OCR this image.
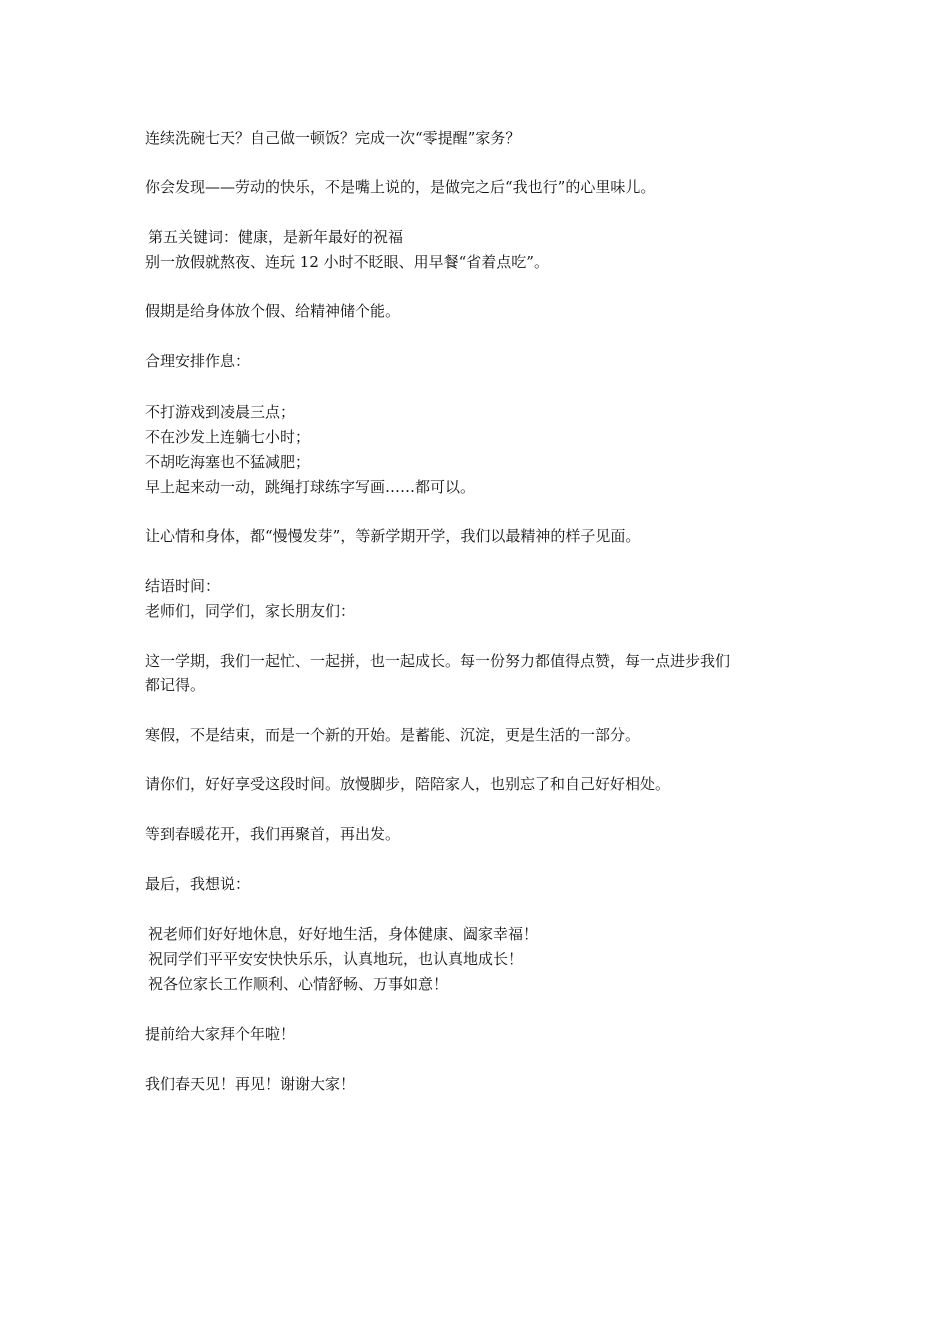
连续洗碗七天？自己做一顿饭？完成一次“零提醒”家务？
你会发现——劳动的快乐，不是嘴上说的，是做完之后“我也行”的心里味儿。
第五关键词：健康，是新年最好的祝福
别一放假就熬夜、连玩 12 小时不眨眼、用早餐“省着点吃”。
假期是给身体放个假、给精神储个能。
合理安排作息：
不打游戏到凌晨三点；
不在沙发上连躺七小时；
不胡吃海塞也不猛减肥；
早上起来动一动，跳绳打球练字写画……都可以。
让心情和身体，都“慢慢发芽”，等新学期开学，我们以最精神的样子见面。
结语时间：
老师们，同学们，家长朋友们：
这一学期，我们一起忙、一起拼，也一起成长。每一份努力都值得点赞，每一点进步我们
都记得。
寒假，不是结束，而是一个新的开始。是蓄能、沉淀，更是生活的一部分。
请你们，好好享受这段时间。放慢脚步，陪陪家人，也别忘了和自己好好相处。
等到春暖花开，我们再聚首，再出发。
最后，我想说：
祝老师们好好地休息，好好地生活，身体健康、阖家幸福！
祝同学们平平安安快快乐乐，认真地玩，也认真地成长！
祝各位家长工作顺利、心情舒畅、万事如意！
提前给大家拜个年啦！
我们春天见！再见！谢谢大家！
